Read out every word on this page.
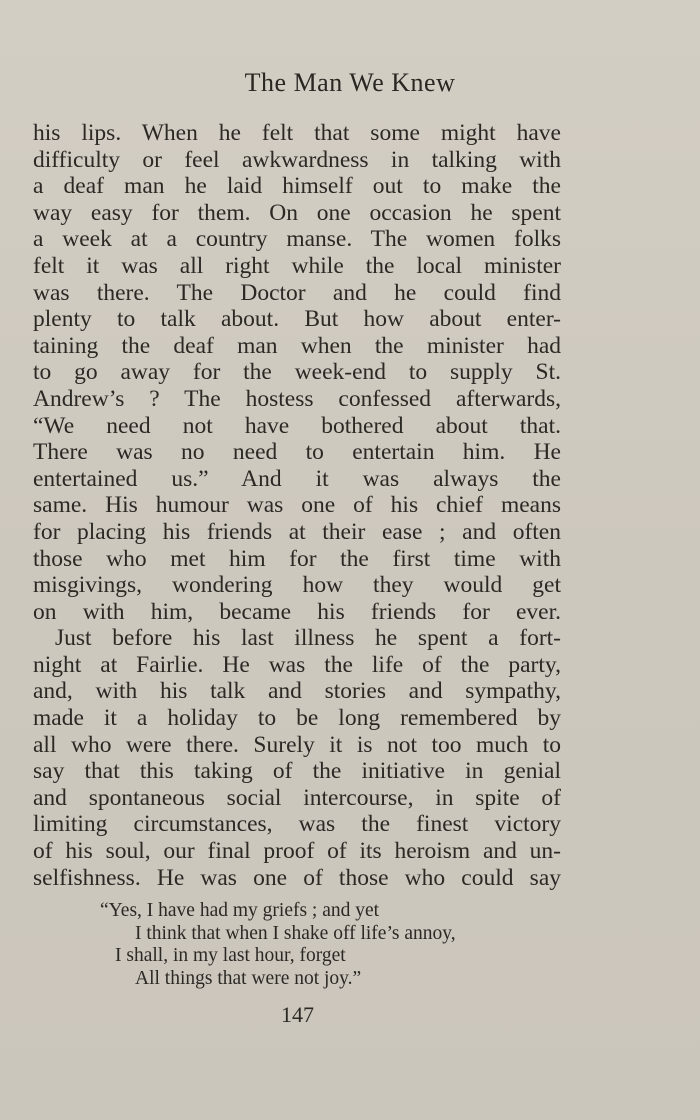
The Man We Knew
his lips. When he felt that some might have
difficulty or feel awkwardness in talking with
a deaf man he laid himself out to make the
way easy for them. On one occasion he spent
a week at a country manse. The women folks
felt it was all right while the local minister
was there. The Doctor and he could find
plenty to talk about. But how about enter-
taining the deaf man when the minister had
to go away for the week-end to supply St.
Andrew’s ? The hostess confessed afterwards,
“We need not have bothered about that.
There was no need to entertain him. He
entertained us.” And it was always the
same. His humour was one of his chief means
for placing his friends at their ease ; and often
those who met him for the first time with
misgivings, wondering how they would get
on with him, became his friends for ever.
Just before his last illness he spent a fort-
night at Fairlie. He was the life of the party,
and, with his talk and stories and sympathy,
made it a holiday to be long remembered by
all who were there. Surely it is not too much to
say that this taking of the initiative in genial
and spontaneous social intercourse, in spite of
limiting circumstances, was the finest victory
of his soul, our final proof of its heroism and un-
selfishness. He was one of those who could say
“Yes, I have had my griefs ; and yet
I think that when I shake off life’s annoy,
I shall, in my last hour, forget
All things that were not joy.”
147
